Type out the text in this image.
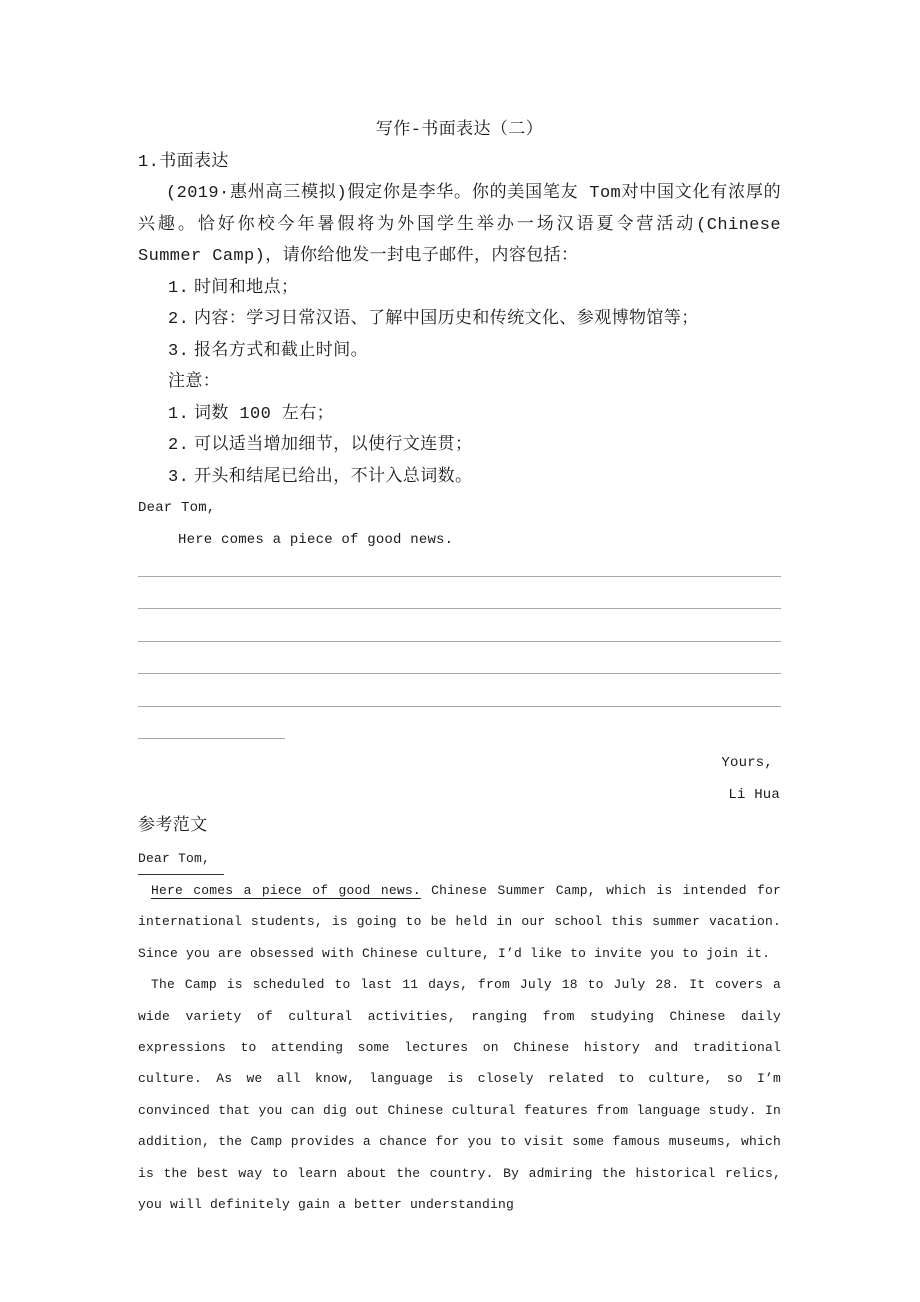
写作-书面表达（二）
1.书面表达

(2019·惠州高三模拟)假定你是李华。你的美国笔友 Tom对中国文化有浓厚的兴趣。恰好你校今年暑假将为外国学生举办一场汉语夏令营活动(Chinese Summer Camp)，请你给他发一封电子邮件，内容包括：

1. 时间和地点；
2. 内容：学习日常汉语、了解中国历史和传统文化、参观博物馆等；
3. 报名方式和截止时间。
注意：
1. 词数 100 左右；
2. 可以适当增加细节，以使行文连贯；
3. 开头和结尾已给出，不计入总词数。
Dear Tom,
Here comes a piece of good news.
Yours,
Li Hua
参考范文
Dear Tom,

Here comes a piece of good news. Chinese Summer Camp, which is intended for international students, is going to be held in our school this summer vacation. Since you are obsessed with Chinese culture, I’d like to invite you to join it.

The Camp is scheduled to last 11 days, from July 18 to July 28. It covers a wide variety of cultural activities, ranging from studying Chinese daily expressions to attending some lectures on Chinese history and traditional culture. As we all know, language is closely related to culture, so I’m convinced that you can dig out Chinese cultural features from language study. In addition, the Camp provides a chance for you to visit some famous museums, which is the best way to learn about the country. By admiring the historical relics, you will definitely gain a better understanding
